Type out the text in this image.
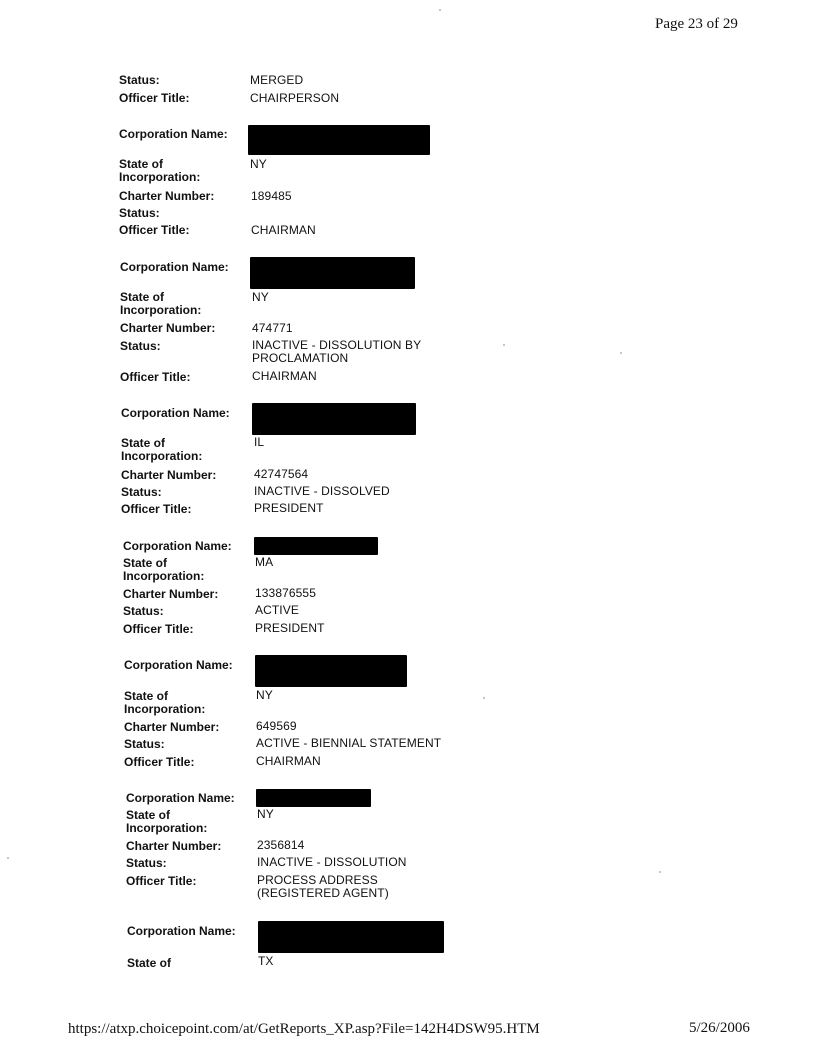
Page 23 of 29
Status:	MERGED
Officer Title:	CHAIRPERSON
Corporation Name:
State of
Incorporation:
NY
Charter Number:	189485
Status:
Officer Title:	CHAIRMAN
Corporation Name:
State of
Incorporation:
NY
Charter Number:	474771
Status:	INACTIVE - DISSOLUTION BY
PROCLAMATION
Officer Title:	CHAIRMAN
Corporation Name:
State of
Incorporation:
IL
Charter Number:	42747564
Status:	INACTIVE - DISSOLVED
Officer Title:	PRESIDENT
Corporation Name:
State of
Incorporation:
MA
Charter Number:	133876555
Status:	ACTIVE
Officer Title:	PRESIDENT
Corporation Name:
State of
Incorporation:
NY
Charter Number:	649569
Status:	ACTIVE - BIENNIAL STATEMENT
Officer Title:	CHAIRMAN
Corporation Name:
State of
Incorporation:
NY
Charter Number:	2356814
Status:	INACTIVE - DISSOLUTION
Officer Title:	PROCESS ADDRESS
(REGISTERED AGENT)
Corporation Name:
State of	TX
https://atxp.choicepoint.com/at/GetReports_XP.asp?File=142H4DSW95.HTM	5/26/2006
